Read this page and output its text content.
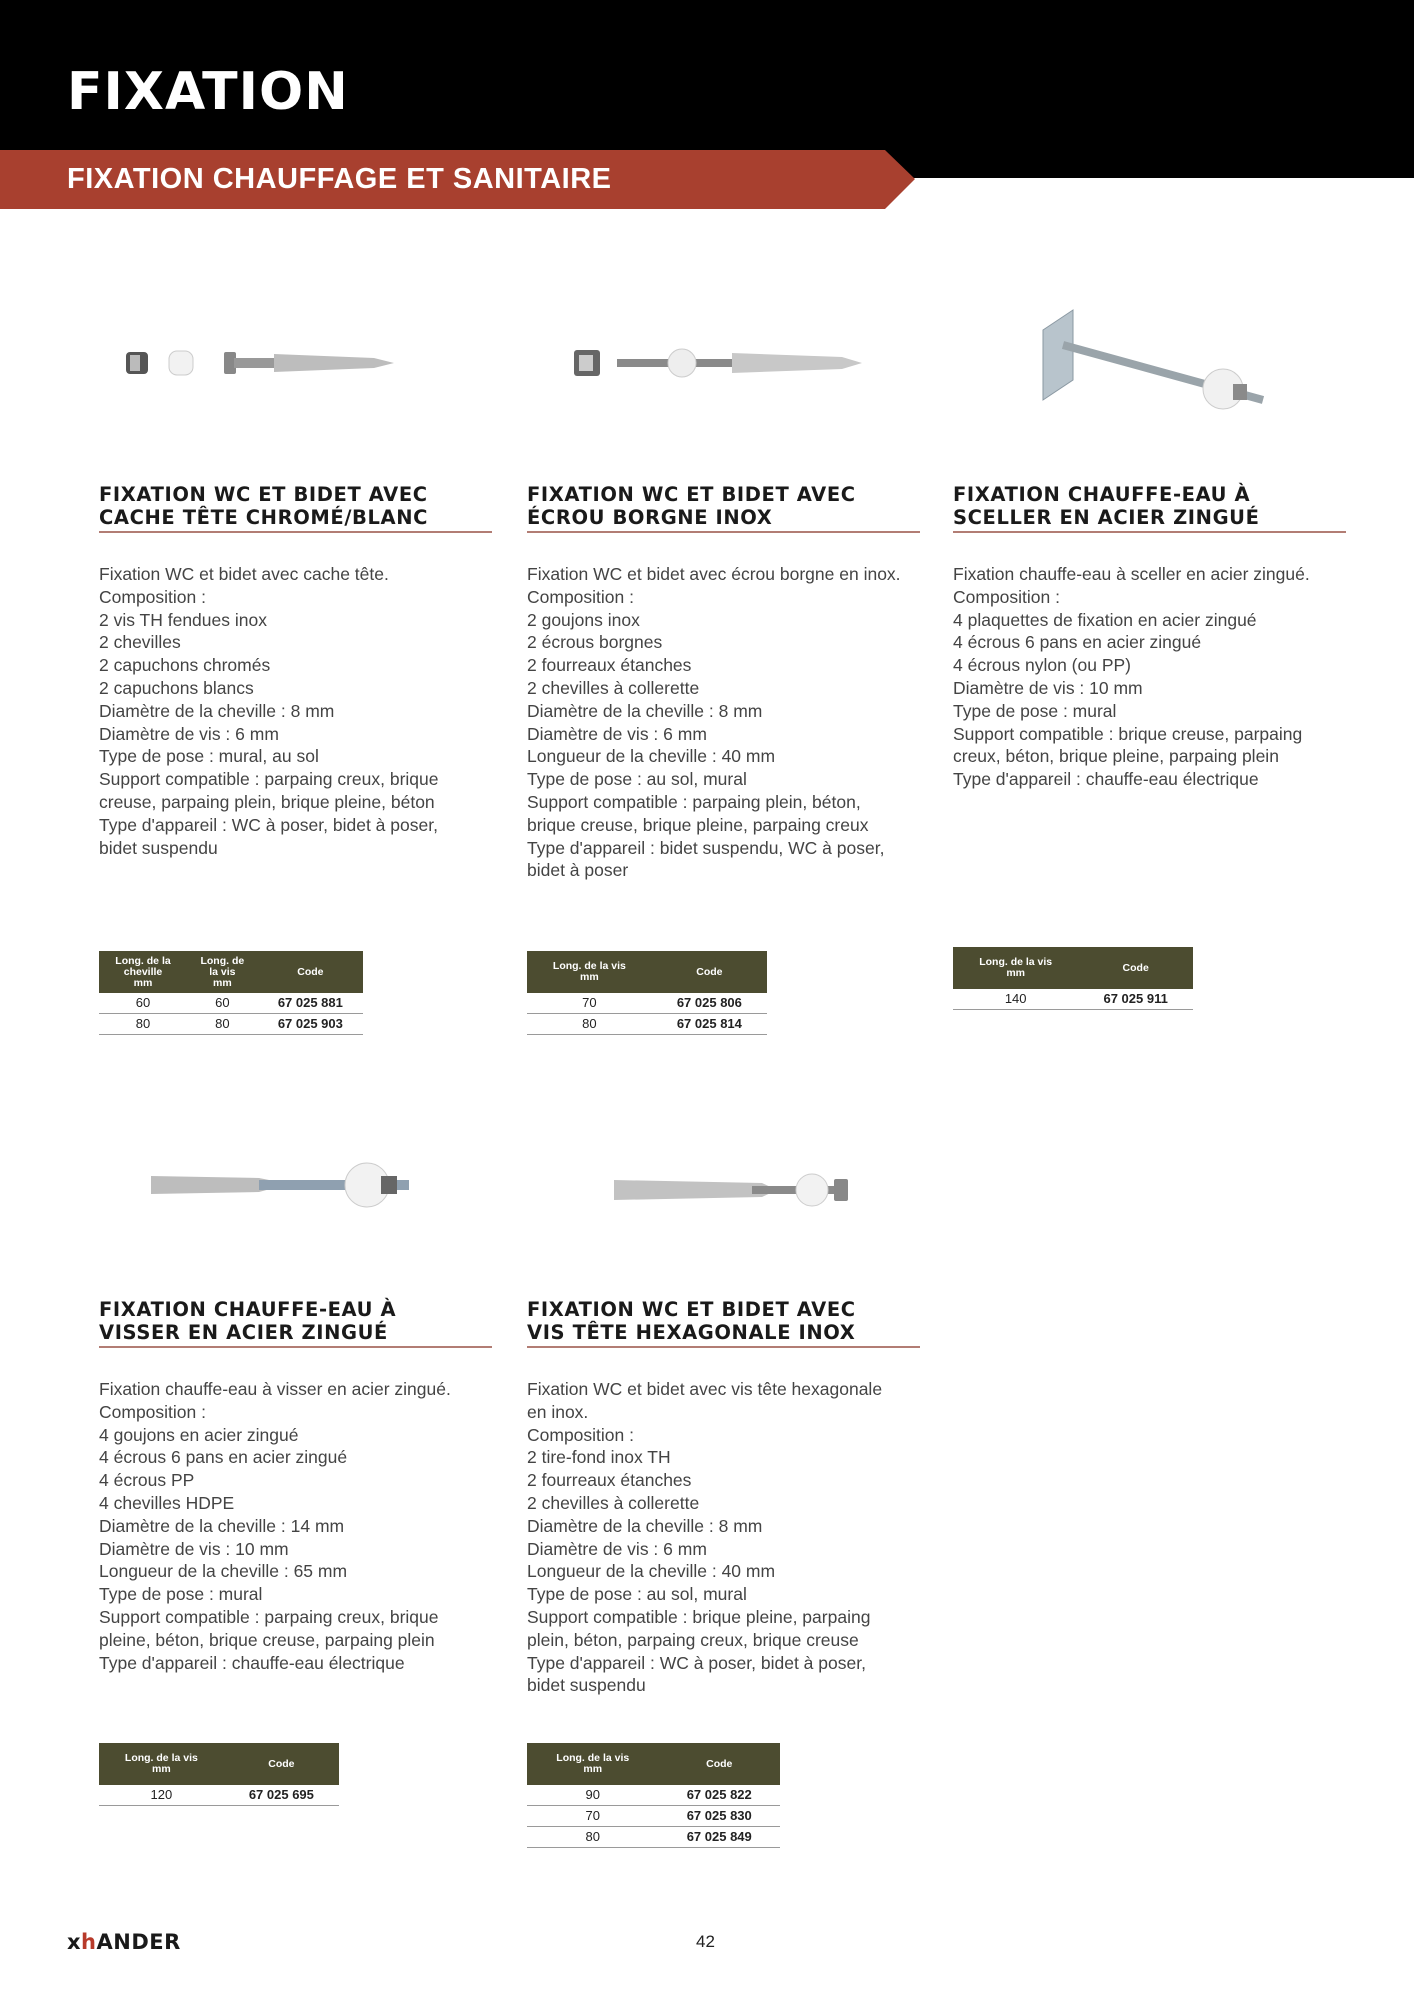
FIXATION
FIXATION CHAUFFAGE ET SANITAIRE
FIXATION WC ET BIDET AVEC
CACHE TÊTE CHROMÉ/BLANC
Fixation WC et bidet avec cache tête.
Composition :
2 vis TH fendues inox
2 chevilles
2 capuchons chromés
2 capuchons blancs
Diamètre de la cheville : 8 mm
Diamètre de vis : 6 mm
Type de pose : mural, au sol
Support compatible : parpaing creux, brique
creuse, parpaing plein, brique pleine, béton
Type d'appareil : WC à poser, bidet à poser,
bidet suspendu
Long. de la
cheville
mm	Long. de
la vis
mm	Code
60	60	67 025 881
80	80	67 025 903
FIXATION WC ET BIDET AVEC
ÉCROU BORGNE INOX
Fixation WC et bidet avec écrou borgne en inox.
Composition :
2 goujons inox
2 écrous borgnes
2 fourreaux étanches
2 chevilles à collerette
Diamètre de la cheville : 8 mm
Diamètre de vis : 6 mm
Longueur de la cheville : 40 mm
Type de pose : au sol, mural
Support compatible : parpaing plein, béton,
brique creuse, brique pleine, parpaing creux
Type d'appareil : bidet suspendu, WC à poser,
bidet à poser
Long. de la vis
mm	Code
70	67 025 806
80	67 025 814
FIXATION CHAUFFE-EAU À
SCELLER EN ACIER ZINGUÉ
Fixation chauffe-eau à sceller en acier zingué.
Composition :
4 plaquettes de fixation en acier zingué
4 écrous 6 pans en acier zingué
4 écrous nylon (ou PP)
Diamètre de vis : 10 mm
Type de pose : mural
Support compatible : brique creuse, parpaing
creux, béton, brique pleine, parpaing plein
Type d'appareil : chauffe-eau électrique
Long. de la vis
mm	Code
140	67 025 911
FIXATION CHAUFFE-EAU À
VISSER EN ACIER ZINGUÉ
Fixation chauffe-eau à visser en acier zingué.
Composition :
4 goujons en acier zingué
4 écrous 6 pans en acier zingué
4 écrous PP
4 chevilles HDPE
Diamètre de la cheville : 14 mm
Diamètre de vis : 10 mm
Longueur de la cheville : 65 mm
Type de pose : mural
Support compatible : parpaing creux, brique
pleine, béton, brique creuse, parpaing plein
Type d'appareil : chauffe-eau électrique
Long. de la vis
mm	Code
120	67 025 695
FIXATION WC ET BIDET AVEC
VIS TÊTE HEXAGONALE INOX
Fixation WC et bidet avec vis tête hexagonale
en inox.
Composition :
2 tire-fond inox TH
2 fourreaux étanches
2 chevilles à collerette
Diamètre de la cheville : 8 mm
Diamètre de vis : 6 mm
Longueur de la cheville : 40 mm
Type de pose : au sol, mural
Support compatible : brique pleine, parpaing
plein, béton, parpaing creux, brique creuse
Type d'appareil : WC à poser, bidet à poser,
bidet suspendu
Long. de la vis
mm	Code
90	67 025 822
70	67 025 830
80	67 025 849
xhANDER	42
